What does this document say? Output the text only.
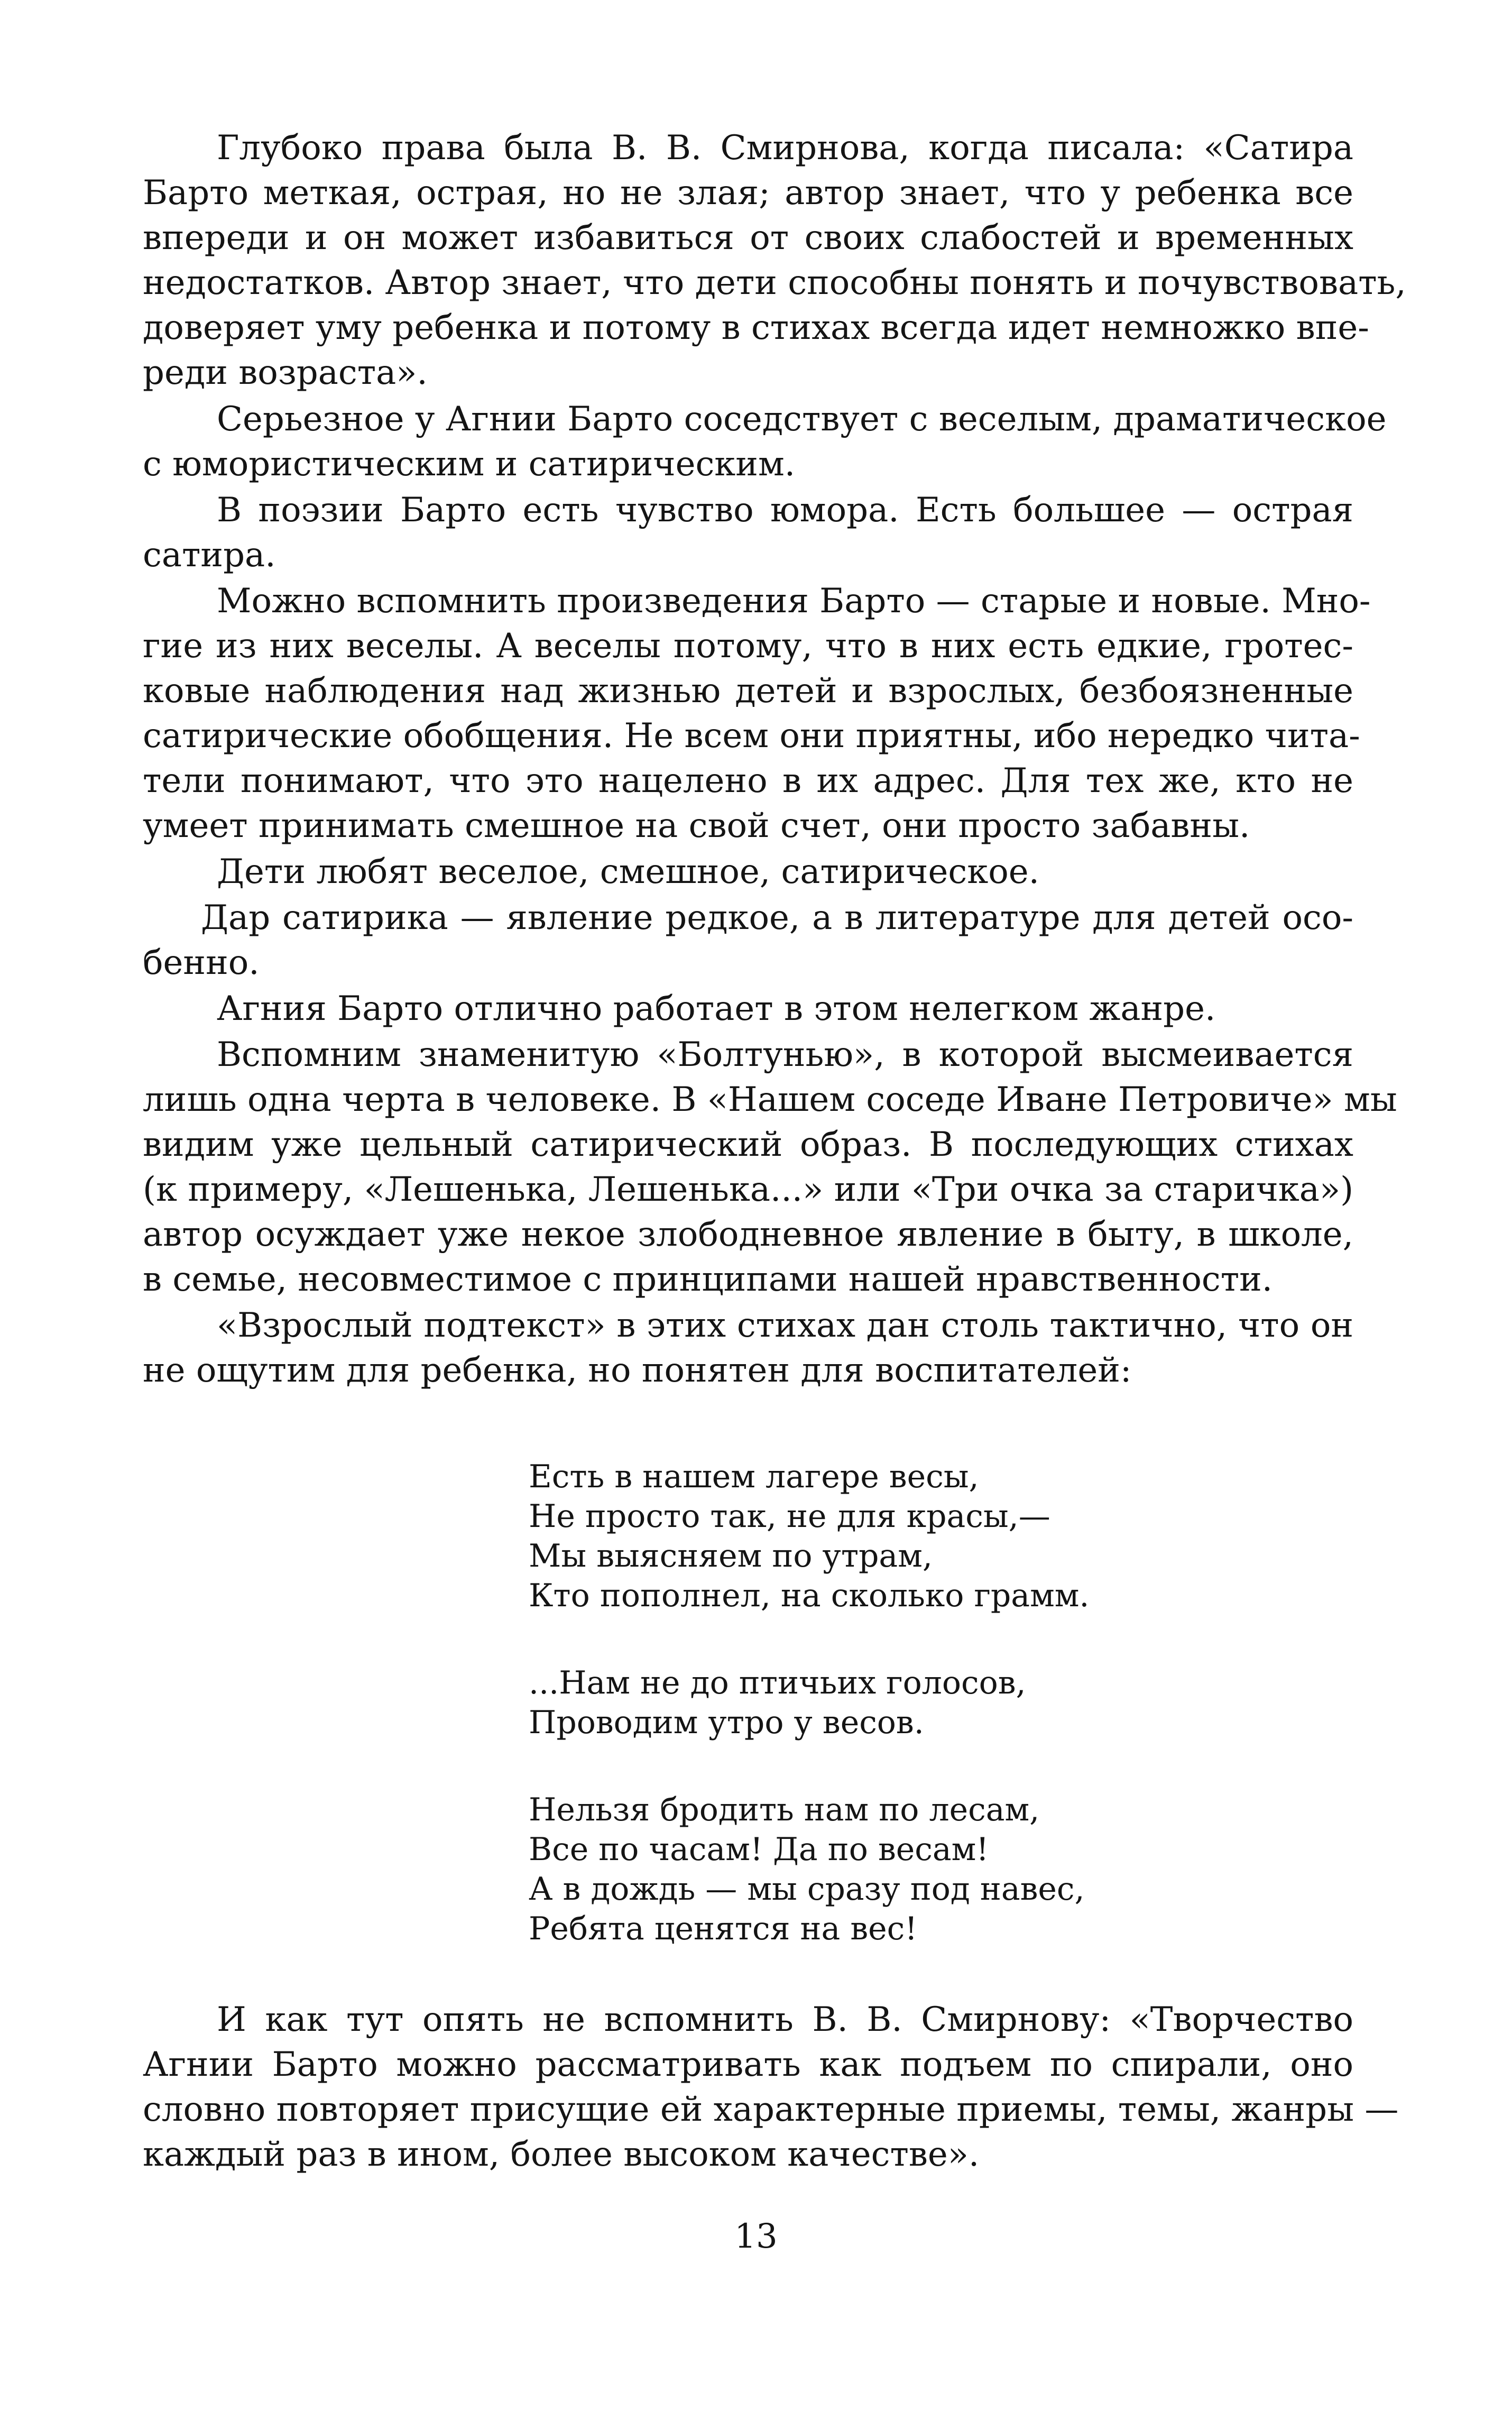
Глубоко права была В. В. Смирнова, когда писала: «Сатира
Барто меткая, острая, но не злая; автор знает, что у ребенка все
впереди и он может избавиться от своих слабостей и временных
недостатков. Автор знает, что дети способны понять и почувствовать,
доверяет уму ребенка и потому в стихах всегда идет немножко впе-
реди возраста».
Серьезное у Агнии Барто соседствует с веселым, драматическое
с юмористическим и сатирическим.
В поэзии Барто есть чувство юмора. Есть большее — острая
сатира.
Можно вспомнить произведения Барто — старые и новые. Мно-
гие из них веселы. А веселы потому, что в них есть едкие, гротес-
ковые наблюдения над жизнью детей и взрослых, безбоязненные
сатирические обобщения. Не всем они приятны, ибо нередко чита-
тели понимают, что это нацелено в их адрес. Для тех же, кто не
умеет принимать смешное на свой счет, они просто забавны.
Дети любят веселое, смешное, сатирическое.
Дар сатирика — явление редкое, а в литературе для детей осо-
бенно.
Агния Барто отлично работает в этом нелегком жанре.
Вспомним знаменитую «Болтунью», в которой высмеивается
лишь одна черта в человеке. В «Нашем соседе Иване Петровиче» мы
видим уже цельный сатирический образ. В последующих стихах
(к примеру, «Лешенька, Лешенька...» или «Три очка за старичка»)
автор осуждает уже некое злободневное явление в быту, в школе,
в семье, несовместимое с принципами нашей нравственности.
«Взрослый подтекст» в этих стихах дан столь тактично, что он
не ощутим для ребенка, но понятен для воспитателей:
Есть в нашем лагере весы,
Не просто так, не для красы,—
Мы выясняем по утрам,
Кто пополнел, на сколько грамм.
...Нам не до птичьих голосов,
Проводим утро у весов.
Нельзя бродить нам по лесам,
Все по часам! Да по весам!
А в дождь — мы сразу под навес,
Ребята ценятся на вес!
И как тут опять не вспомнить В. В. Смирнову: «Творчество
Агнии Барто можно рассматривать как подъем по спирали, оно
словно повторяет присущие ей характерные приемы, темы, жанры —
каждый раз в ином, более высоком качестве».
13
